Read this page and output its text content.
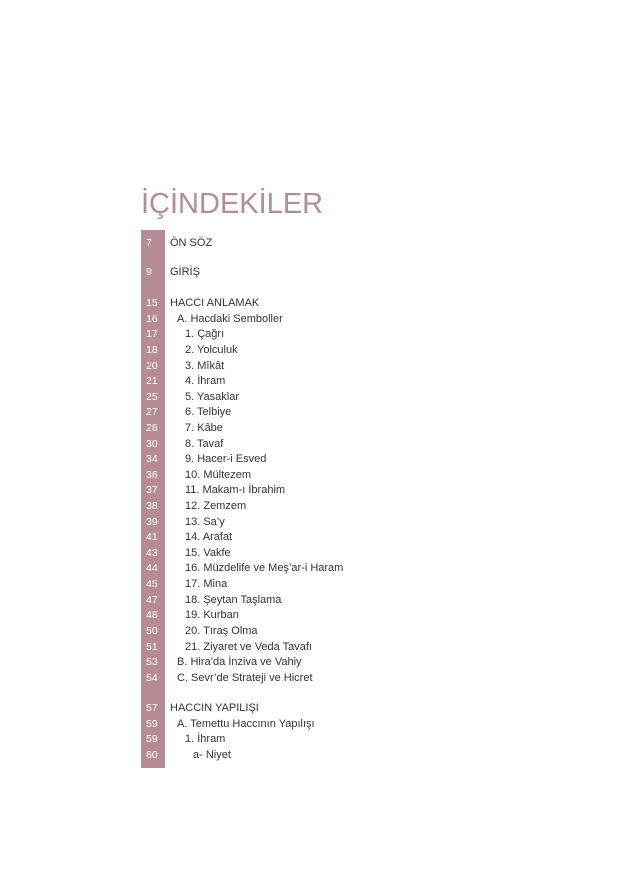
İÇİNDEKİLER
7	ÖN SÖZ
9	GİRİŞ
15	HACCI ANLAMAK
16	A. Hacdaki Semboller
17	1. Çağrı
18	2. Yolculuk
20	3. Mîkât
21	4. İhram
25	5. Yasaklar
27	6. Telbiye
28	7. Kâbe
30	8. Tavaf
34	9. Hacer-i Esved
36	10. Mültezem
37	11. Makam-ı İbrahim
38	12. Zemzem
39	13. Sa’y
41	14. Arafat
43	15. Vakfe
44	16. Müzdelife ve Meş’ar-i Haram
45	17. Mina
47	18. Şeytan Taşlama
48	19. Kurban
50	20. Tıraş Olma
51	21. Ziyaret ve Veda Tavafı
53	B. Hira’da İnziva ve Vahiy
54	C. Sevr’de Strateji ve Hicret
57	HACCIN YAPILIŞI
59	A. Temettu Haccının Yapılışı
59	1. İhram
60	a- Niyet
